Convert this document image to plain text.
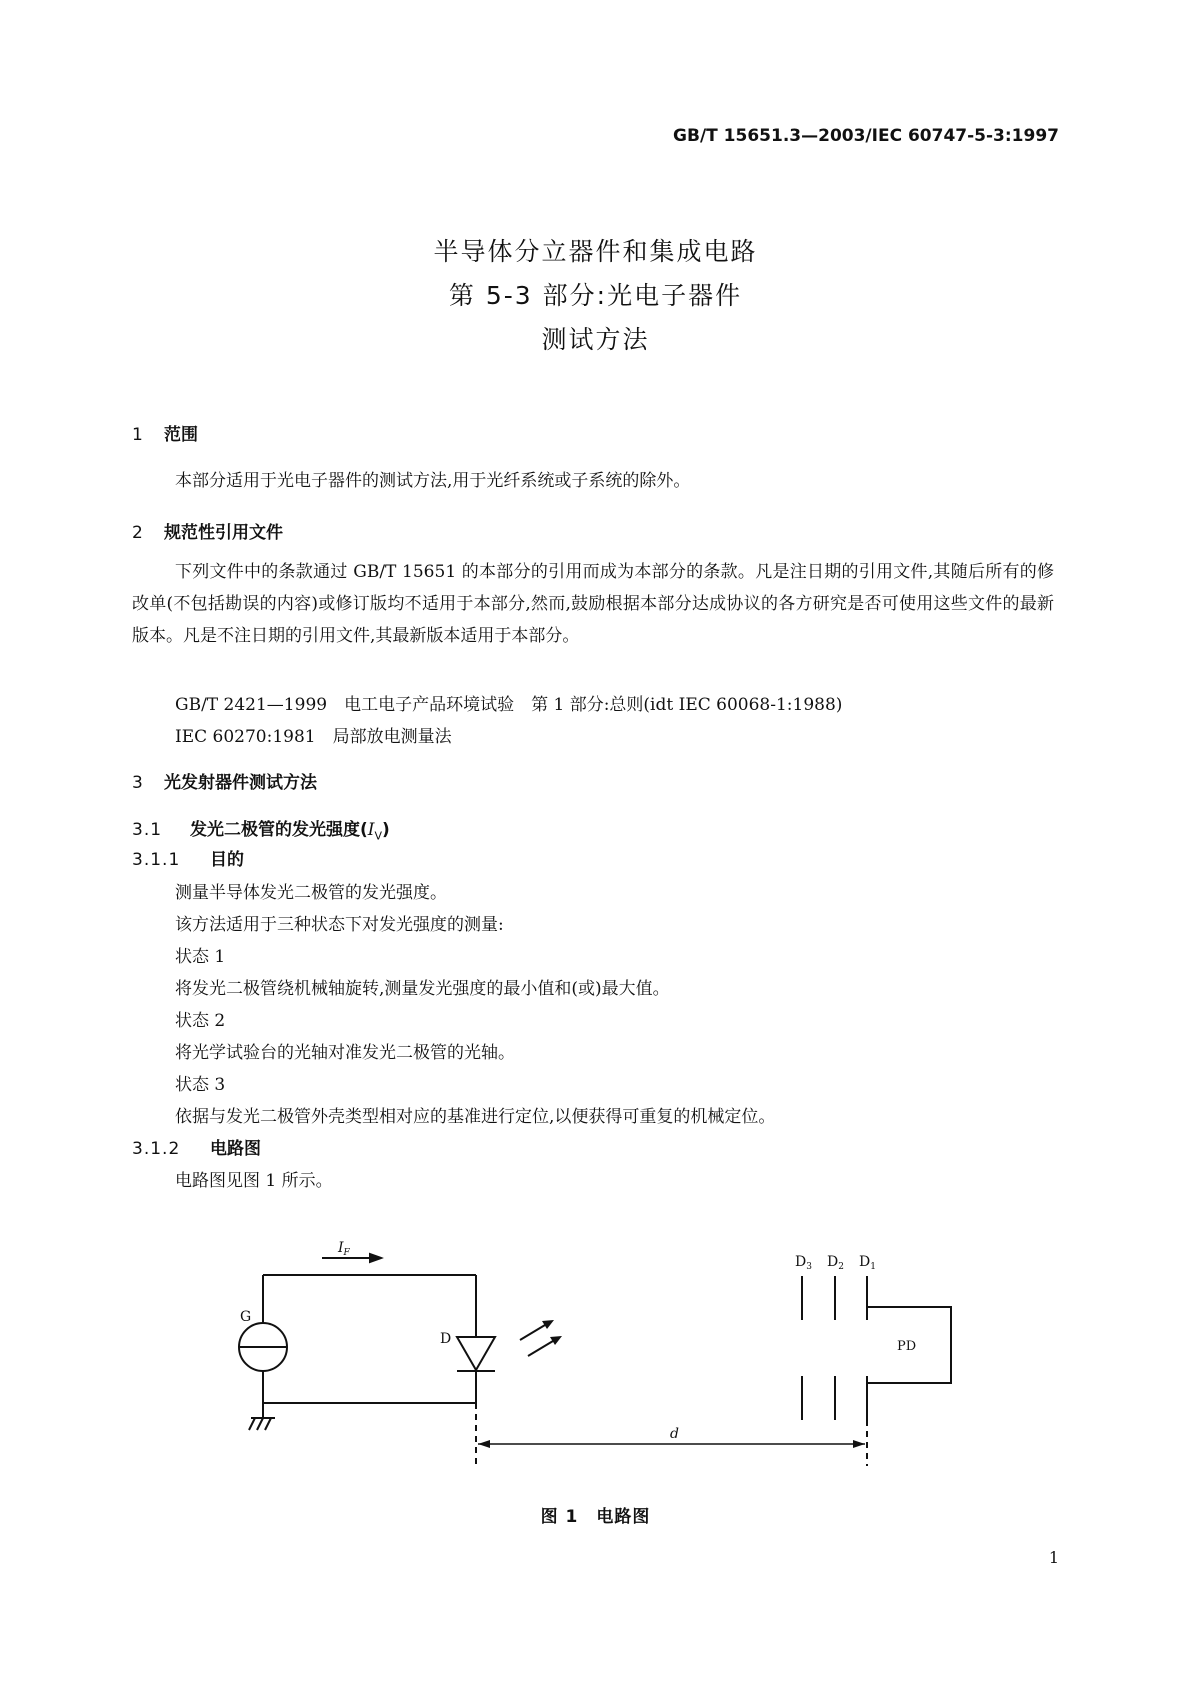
GB/T 15651.3—2003/IEC 60747-5-3:1997
半导体分立器件和集成电路
第 5-3 部分:光电子器件
测试方法
1 范围
本部分适用于光电子器件的测试方法,用于光纤系统或子系统的除外。
2 规范性引用文件
下列文件中的条款通过 GB/T 15651 的本部分的引用而成为本部分的条款。凡是注日期的引用文件,其随后所有的修改单(不包括勘误的内容)或修订版均不适用于本部分,然而,鼓励根据本部分达成协议的各方研究是否可使用这些文件的最新版本。凡是不注日期的引用文件,其最新版本适用于本部分。
GB/T 2421—1999　电工电子产品环境试验　第 1 部分:总则(idt IEC 60068-1:1988)
IEC 60270:1981　局部放电测量法
3 光发射器件测试方法
3.1 发光二极管的发光强度$(I_V)$
3.1.1 目的
测量半导体发光二极管的发光强度。
该方法适用于三种状态下对发光强度的测量:
状态 1
将发光二极管绕机械轴旋转,测量发光强度的最小值和(或)最大值。
状态 2
将光学试验台的光轴对准发光二极管的光轴。
状态 3
依据与发光二极管外壳类型相对应的基准进行定位,以便获得可重复的机械定位。
3.1.2 电路图
电路图见图 1 所示。
$I_F$
G
D	PD
$D_3$ $D_2$ $D_1$
d
图 1　电路图
1
